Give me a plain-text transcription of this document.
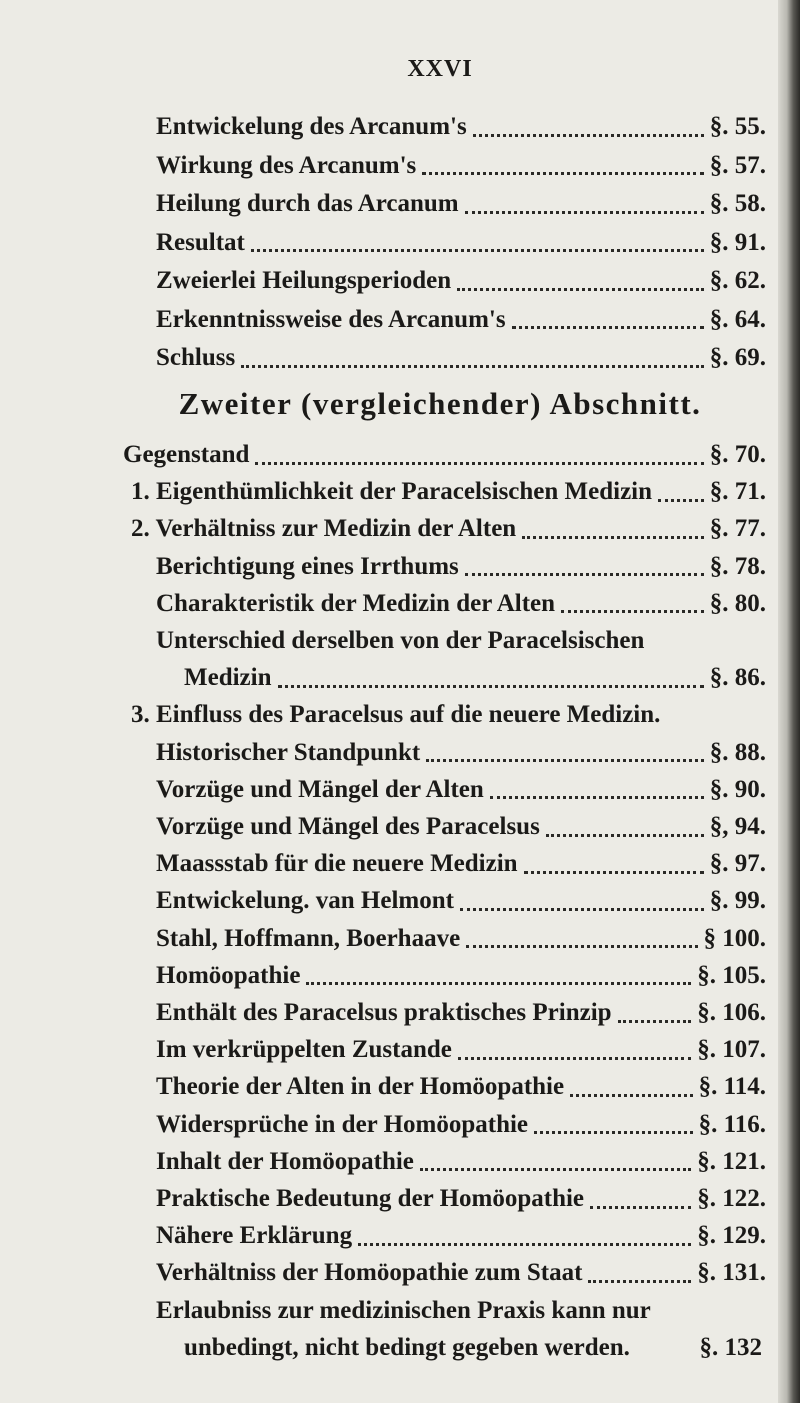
XXVI
Entwickelung des Arcanum's	§. 55.
Wirkung des Arcanum's	§. 57.
Heilung durch das Arcanum	§. 58.
Resultat	§. 91.
Zweierlei Heilungsperioden	§. 62.
Erkenntnissweise des Arcanum's	§. 64.
Schluss	§. 69.
Zweiter (vergleichender) Abschnitt.
Gegenstand	§. 70.
1. Eigenthümlichkeit der Paracelsischen Medizin §. 71.
2. Verhältniss zur Medizin der Alten	§. 77.
Berichtigung eines Irrthums	§. 78.
Charakteristik der Medizin der Alten	§. 80.
Unterschied derselben von der Paracelsischen
Medizin	§. 86.
3. Einfluss des Paracelsus auf die neuere Medizin.
Historischer Standpunkt	§. 88.
Vorzüge und Mängel der Alten	§. 90.
Vorzüge und Mängel des Paracelsus	§, 94.
Maassstab für die neuere Medizin	§. 97.
Entwickelung. van Helmont	§. 99.
Stahl, Hoffmann, Boerhaave	§ 100.
Homöopathie	§. 105.
Enthält des Paracelsus praktisches Prinzip	§. 106.
Im verkrüppelten Zustande	§. 107.
Theorie der Alten in der Homöopathie	§. 114.
Widersprüche in der Homöopathie	§. 116.
Inhalt der Homöopathie	§. 121.
Praktische Bedeutung der Homöopathie	§. 122.
Nähere Erklärung	§. 129.
Verhältniss der Homöopathie zum Staat	§. 131.
Erlaubniss zur medizinischen Praxis kann nur
unbedingt, nicht bedingt gegeben werden.	§. 132
